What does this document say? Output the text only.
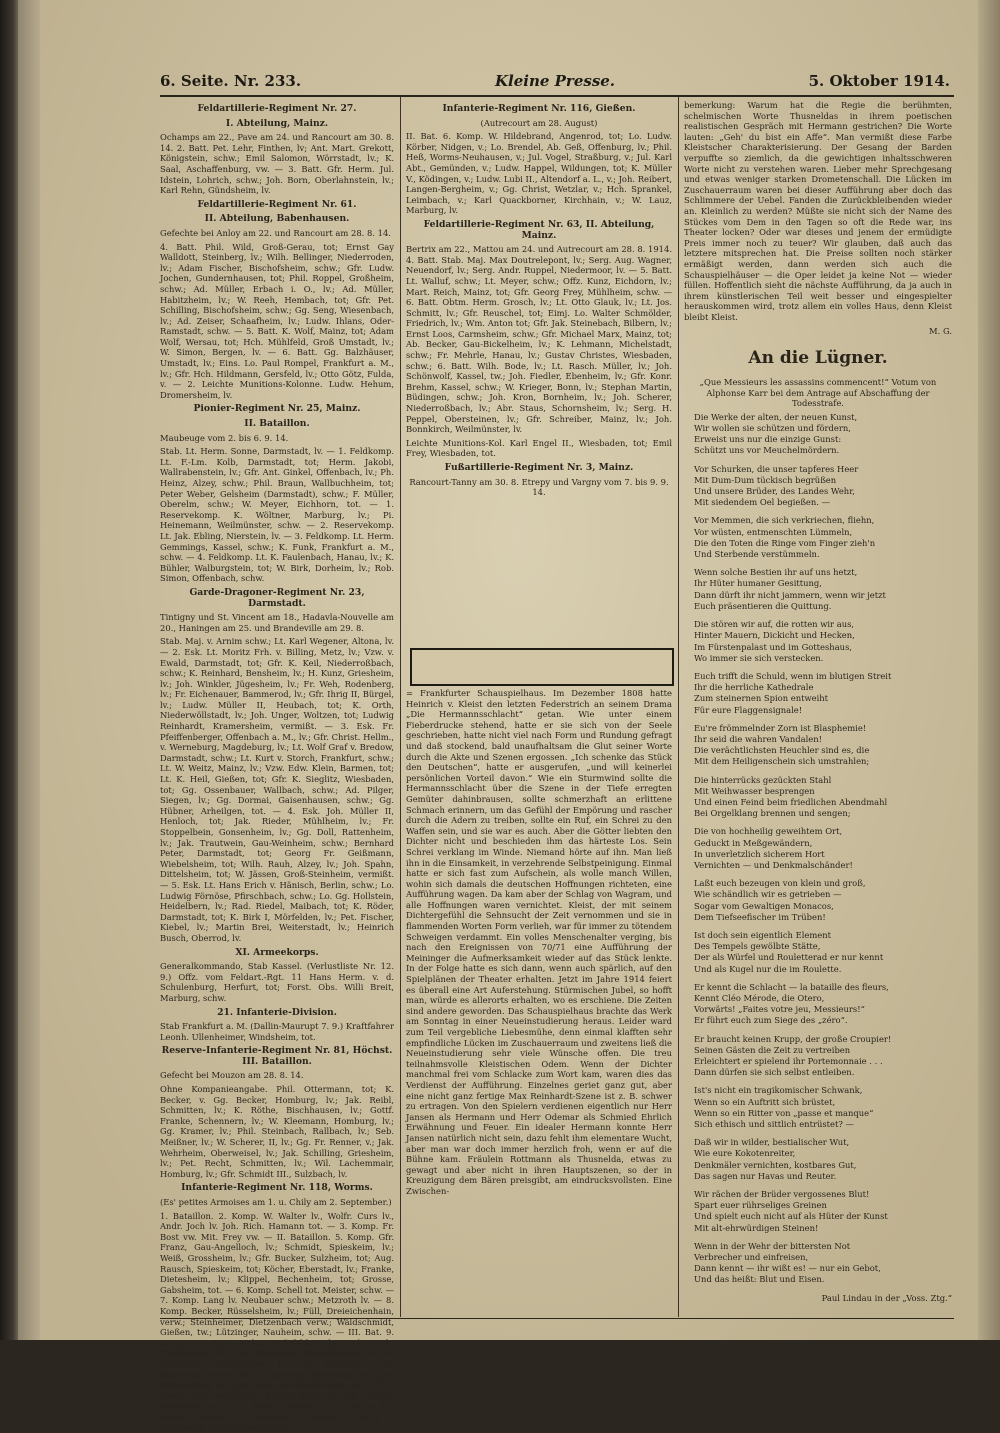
6. Seite. Nr. 233.	Kleine Presse.	5. Oktober 1914.
Feldartillerie-Regiment Nr. 27.
I. Abteilung, Mainz.

Ochamps am 22., Pave am 24. und Rancourt am 30. 8. 14. 2. Batt. Pet. Lehr, Finthen, lv; Ant. Mart. Grekott, Königstein, schw.; Emil Salomon, Wörrstadt, lv.; K. Saal, Aschaffenburg, vw. — 3. Batt. Gfr. Herm. Jul. Idstein, Lohrich, schw.; Joh. Born, Oberlahnstein, lv.; Karl Rehn, Gündsheim, lv.

Feldartillerie-Regiment Nr. 61.
II. Abteilung, Babenhausen.

Gefechte bei Anloy am 22. und Rancourt am 28. 8. 14.

4. Batt. Phil. Wild, Groß-Gerau, tot; Ernst Gay Walldott, Steinberg, lv.; Wilh. Bellinger, Niederroden, lv.; Adam Fischer, Bischofsheim, schw.; Gfr. Ludw. Jochen, Gundernhausen, tot; Phil. Roppel, Großheim, schw.; Ad. Müller, Erbach i. O., lv.; Ad. Müller, Habitzheim, lv.; W. Reeh, Hembach, tot; Gfr. Pet. Schilling, Bischofsheim, schw.; Gg. Seng, Wiesenbach, lv.; Ad. Zeiser, Schaafheim, lv.; Ludw. Ihlans, Oder-Ramstadt, schw. — 5. Batt. K. Wolf, Mainz, tot; Adam Wolf, Wersau, tot; Hch. Mühlfeld, Groß Umstadt, lv.; W. Simon, Bergen, lv. — 6. Batt. Gg. Balzhäuser, Umstadt, lv.; Eins. Lo. Paul Rompel, Frankfurt a. M., lv.; Gfr. Hch. Hildmann, Gersfeld, lv.; Otto Götz, Fulda, v. — 2. Leichte Munitions-Kolonne. Ludw. Hehum, Dromersheim, lv.

Pionier-Regiment Nr. 25, Mainz.
II. Bataillon.

Maubeuge vom 2. bis 6. 9. 14.

Stab. Lt. Herm. Sonne, Darmstadt, lv. — 1. Feldkomp. Lt. F.-Lm. Kolb, Darmstadt, tot; Herm. Jakobi, Wallrabenstein, lv.; Gfr. Ant. Ginkel, Offenbach, lv.; Ph. Heinz, Alzey, schw.; Phil. Braun, Wallbuchheim, tot; Peter Weber, Gelsheim (Darmstadt), schw.; F. Müller, Oberelm, schw.; W. Meyer, Eichhorn, tot. — 1. Reservekomp. K. Wöltner, Marburg, lv.; Pi. Heinemann, Weilmünster, schw. — 2. Reservekomp. Lt. Jak. Ebling, Nierstein, lv. — 3. Feldkomp. Lt. Herm. Gemmings, Kassel, schw.; K. Funk, Frankfurt a. M., schw. — 4. Feldkomp. Lt. K. Faulenbach, Hanau, lv.; K. Bühler, Walburgstein, tot; W. Birk, Dorheim, lv.; Rob. Simon, Offenbach, schw.

Garde-Dragoner-Regiment Nr. 23, Darmstadt.

Tintigny und St. Vincent am 18., Hadavla-Nouvelle am 20., Haningen am 25. und Brandeville am 29. 8.

Stab. Maj. v. Arnim schw.; Lt. Karl Wegener, Altona, lv. — 2. Esk. Lt. Moritz Frh. v. Billing, Metz, lv.; Vzw. v. Ewald, Darmstadt, tot; Gfr. K. Keil, Niederroßbach, schw.; K. Reinhard, Bensheim, lv.; H. Kunz, Griesheim, lv.; Joh. Winkler, Jügesheim, lv.; Fr. Weh, Rodenberg, lv.; Fr. Eichenauer, Bammerod, lv.; Gfr. Ihrig II, Bürgel, lv.; Ludw. Müller II, Heubach, tot; K. Orth, Niederwöllstadt, lv.; Joh. Unger, Woltzen, tot; Ludwig Reinhardt, Kramersheim, vermißt. — 3. Esk. Fr. Pfeiffenberger, Offenbach a. M., lv.; Gfr. Christ. Hellm., v. Werneburg, Magdeburg, lv.; Lt. Wolf Graf v. Bredow, Darmstadt, schw.; Lt. Kurt v. Storch, Frankfurt, schw.; Lt. W. Weitz, Mainz, lv.; Vzw. Edw. Klein, Barmen, tot; Lt. K. Heil, Gießen, tot; Gfr. K. Sieglitz, Wiesbaden, tot; Gg. Ossenbauer, Wallbach, schw.; Ad. Pilger, Siegen, lv.; Gg. Dormai, Gaisenhausen, schw.; Gg. Hübner, Arheilgen, tot. — 4. Esk. Joh. Müller II, Henloch, tot; Jak. Rieder, Mühlheim, lv.; Fr. Stoppelbein, Gonsenheim, lv.; Gg. Doll, Rattenheim, lv.; Jak. Trautwein, Gau-Weinheim, schw.; Bernhard Peter, Darmstadt, tot; Georg Fr. Geißmann, Wiebelsheim, tot; Wilh. Rauh, Alzey, lv.; Joh. Spahn, Dittelsheim, tot; W. Jässen, Groß-Steinheim, vermißt. — 5. Esk. Lt. Hans Erich v. Hänisch, Berlin, schw.; Lo. Ludwig Förnöse, Pfirschbach, schw.; Lo. Gg. Hollstein, Heidelbern, lv.; Rad. Riedel, Maibach, tot; K. Röder, Darmstadt, tot; K. Birk I, Mörfelden, lv.; Pet. Fischer, Kiebel, lv.; Martin Brei, Weiterstadt, lv.; Heinrich Busch, Oberrod, lv.

XI. Armeekorps.

Generalkommando, Stab Kassel. (Verlustliste Nr. 12. 9.) Offz. vom Feldart.-Rgt. 11 Hans Herm. v. d. Schulenburg, Herfurt, tot; Forst. Obs. Willi Breit, Marburg, schw.

21. Infanterie-Division.

Stab Frankfurt a. M. (Dallin-Maurupt 7. 9.) Kraftfahrer Leonh. Ullenheimer, Windsheim, tot.

Reserve-Infanterie-Regiment Nr. 81, Höchst. III. Bataillon.

Gefecht bei Mouzon am 28. 8. 14.

Ohne Kompanieangabe. Phil. Ottermann, tot; K. Becker, v. Gg. Becker, Homburg, lv.; Jak. Reibl, Schmitten, lv.; K. Röthe, Bischhausen, lv.; Gottf. Franke, Schennern, lv.; W. Kleemann, Homburg, lv.; Gg. Kramer, lv.; Phil. Steinbach, Rallbach, lv.; Seb. Meißner, lv.; W. Scherer, II, lv.; Gg. Fr. Renner, v.; Jak. Wehrheim, Oberweisel, lv.; Jak. Schilling, Griesheim, lv.; Pet. Recht, Schmitten, lv.; Wil. Lachemmair, Homburg, lv.; Gfr. Schmidt III., Sulzbach, lv.

Infanterie-Regiment Nr. 118, Worms.

(Es' petites Armoises am 1. u. Chily am 2. September.)

1. Bataillon. 2. Komp. W. Walter lv., Wolfr. Curs lv., Andr. Joch lv. Joh. Rich. Hamann tot. — 3. Komp. Fr. Bost vw. Mit. Frey vw. — II. Bataillon. 5. Komp. Gfr. Franz, Gau-Angelloch, lv.; Schmidt, Spieskeim, lv.; Weiß, Grossheim, lv.; Gfr. Bucker, Sulzheim, tot; Aug. Rausch, Spieskeim, tot; Köcher, Eberstadt, lv.; Franke, Dietesheim, lv.; Klippel, Bechenheim, tot; Grosse, Gabsheim, tot. — 6. Komp. Schell tot. Meister, schw. — 7. Komp. Lang lv. Neubauer schw.; Metzroth lv. — 8. Komp. Becker, Rüsselsheim, lv.; Füll, Dreieichenhain, verw.; Steinheimer, Dietzenbach verw.; Wäldschmidt, Gießen, tw.; Lützinger, Nauheim, schw. — III. Bat. 9. Komp. Lo. Gg. Becker, Mörfelden, lv.; Vol. Rech, Heidenheim, lv.; Phil. Stellinger, Sprendlingen, lv.; Fr. Ryhdecker, Horchheim, lv.; Gg. Baumann, Gr.-Rohrheim, schw.; Mo. Schweitzer, Griesheim, lv.; Joh. Schümleber, tot; Joh. Bote, Groß-Rohrheim, tot. — 10. Komp. Cott, Würzel, lv.; Müller, Biblis, lv.; Gfr. Nomel, Nierstein, lv. — 11. Komp. Stumpf, v. u. vm. — 12. Komp. Carlson v. Hammes v. Hentel, v. Stub v. Hoppering tot; Hellbernoll tot.

Infanterie-Regiment Nr. 116, Gießen.
(Autrecourt am 28. August)

II. Bat. 6. Komp. W. Hildebrand, Angenrod, tot; Lo. Ludw. Körber, Nidgen, v.; Lo. Brendel, Ab. Geß, Offenburg, lv.; Phil. Heß, Worms-Neuhausen, v.; Jul. Vogel, Straßburg, v.; Jul. Karl Abt., Gemünden, v.; Ludw. Happel, Wildungen, tot; K. Müller V., Ködingen, v.; Ludw. Lubi II., Altendorf a. L., v.; Joh. Reibert, Langen-Bergheim, v.; Gg. Christ, Wetzlar, v.; Hch. Sprankel, Leimbach, v.; Karl Quackborner, Kirchhain, v.; W. Lauz, Marburg, lv.

Feldartillerie-Regiment Nr. 63, II. Abteilung, Mainz.

Bertrix am 22., Mattou am 24. und Autrecourt am 28. 8. 1914. 4. Batt. Stab. Maj. Max Doutrelepont, lv.; Serg. Aug. Wagner, Neuendorf, lv.; Serg. Andr. Ruppel, Niedermoor, lv. — 5. Batt. Lt. Walluf, schw.; Lt. Meyer, schw.; Offz. Kunz, Eichdorn, lv.; Mart. Reich, Mainz, tot; Gfr. Georg Frey, Mühlheim, schw. — 6. Batt. Obtm. Herm. Grosch, lv.; Lt. Otto Glauk, lv.; Lt. Jos. Schmitt, lv.; Gfr. Reuschel, tot; Eimj. Lo. Walter Schmölder, Friedrich, lv.; Wm. Anton tot; Gfr. Jak. Steinebach, Bilbern, lv.; Ernst Loos, Carmsheim, schw.; Gfr. Michael Marx, Mainz, tot; Ab. Becker, Gau-Bickelheim, lv.; K. Lehmann, Michelstadt, schw.; Fr. Mehrle, Hanau, lv.; Gustav Christes, Wiesbaden, schw.; 6. Batt. Wilh. Bode, lv.; Lt. Rasch. Müller, lv.; Joh. Schönwolf, Kassel, tw.; Joh. Fiedler, Ebenheim, lv.; Gfr. Konr. Brehm, Kassel, schw.; W. Krieger, Bonn, lv.; Stephan Martin, Büdingen, schw.; Joh. Kron, Bornheim, lv.; Joh. Scherer, Niederroßbach, lv.; Abr. Staus, Schornsheim, lv.; Serg. H. Peppel, Obersteinen, lv.; Gfr. Schreiber, Mainz, lv.; Joh. Bonnkirch, Weilmünster, lv.

Leichte Munitions-Kol. Karl Engel II., Wiesbaden, tot; Emil Frey, Wiesbaden, tot.

Fußartillerie-Regiment Nr. 3, Mainz.
Rancourt-Tanny am 30. 8. Etrepy und Vargny vom 7. bis 9. 9. 14.

= Frankfurter Schauspielhaus. Im Dezember 1808 hatte Heinrich v. Kleist den letzten Federstrich an seinem Drama „Die Hermannsschlacht“ getan. Wie unter einem Fieberdrucke stehend, hatte er sie sich von der Seele geschrieben, hatte nicht viel nach Form und Rundung gefragt und daß stockend, bald unaufhaltsam die Glut seiner Worte durch die Akte und Szenen ergossen. „Ich schenke das Stück den Deutschen“, hatte er ausgerufen, „und will keinerlei persönlichen Vorteil davon.“ Wie ein Sturmwind sollte die Hermannsschlacht über die Szene in der Tiefe erregten Gemüter dahinbrausen, sollte schmerzhaft an erlittene Schmach erinnern, um das Gefühl der Empörung und rascher durch die Adern zu treiben, sollte ein Ruf, ein Schrei zu den Waffen sein, und sie war es auch. Aber die Götter liebten den Dichter nicht und beschieden ihm das härteste Los. Sein Schrei verklang im Winde. Niemand hörte auf ihn. Man ließ ihn in die Einsamkeit, in verzehrende Selbstpeinigung. Einmal hatte er sich fast zum Aufschein, als wolle manch Willen, wohin sich damals die deutschen Hoffnungen richteten, eine Aufführung wagen. Da kam aber der Schlag von Wagram, und alle Hoffnungen waren vernichtet. Kleist, der mit seinem Dichtergefühl die Sehnsucht der Zeit vernommen und sie in flammenden Worten Form verlieh, war für immer zu tötendem Schweigen verdammt. Ein volles Menschenalter verging, bis nach den Ereignissen von 70/71 eine Aufführung der Meininger die Aufmerksamkeit wieder auf das Stück lenkte. In der Folge hatte es sich dann, wenn auch spärlich, auf den Spielplänen der Theater erhalten. Jetzt im Jahre 1914 feiert es überall eine Art Auferstehung. Stürmischen Jubel, so hofft man, würde es allerorts erhalten, wo es erschiene. Die Zeiten sind andere geworden. Das Schauspielhaus brachte das Werk am Sonntag in einer Neueinstudierung heraus. Leider ward zum Teil vergebliche Liebesmühe, denn einmal klafften sehr empfindliche Lücken im Zuschauerraum und zweitens ließ die Neueinstudierung sehr viele Wünsche offen. Die treu teilnahmsvolle Kleistischen Odem. Wenn der Dichter manchmal frei vom Schlacke zum Wort kam, waren dies das Verdienst der Aufführung. Einzelnes geriet ganz gut, aber eine nicht ganz fertige Max Reinhardt-Szene ist z. B. schwer zu ertragen. Von den Spielern verdienen eigentlich nur Herr Jansen als Hermann und Herr Odemar als Schmied Ehrlich Erwähnung und Feuer. Ein idealer Hermann konnte Herr Jansen natürlich nicht sein, dazu fehlt ihm elementare Wucht, aber man war doch immer herzlich froh, wenn er auf die Bühne kam. Fräulein Rottmann als Thusnelda, etwas zu gewagt und aber nicht in ihren Hauptszenen, so der in Kreuzigung dem Bären preisgibt, am eindrucksvollsten. Eine Zwischen-

bemerkung: Warum hat die Regie die berühmten, schelmischen Worte Thusneldas in ihrem poetischen realistischen Gespräch mit Hermann gestrichen? Die Worte lauten: „Geh' du bist ein Affe“. Man vermißt diese Farbe Kleistscher Charakterisierung. Der Gesang der Barden verpuffte so ziemlich, da die gewichtigen inhaltsschweren Worte nicht zu verstehen waren. Lieber mehr Sprechgesang und etwas weniger starken Drometenschall. Die Lücken im Zuschauerraum waren bei dieser Aufführung aber doch das Schlimmere der Uebel. Fanden die Zurückbleibenden wieder an. Kleinlich zu werden? Müßte sie nicht sich der Name des Stückes vom Dem in den Tagen so oft die Rede war, ins Theater locken? Oder war dieses und jenem der ermüdigte Preis immer noch zu teuer? Wir glauben, daß auch das letztere mitsprechen hat. Die Preise sollten noch stärker ermäßigt werden, dann werden sich auch die Schauspielhäuser — die Oper leidet ja keine Not — wieder füllen. Hoffentlich sieht die nächste Aufführung, da ja auch in ihrem künstlerischen Teil weit besser und eingespielter herauskommen wird, trotz allem ein volles Haus, denn Kleist bleibt Kleist.

M. G.
An die Lügner.
„Que Messieurs les assassins commencent!“ Votum von Alphonse Karr bei dem Antrage auf Abschaffung der Todesstrafe.
Die Werke der alten, der neuen Kunst,
Wir wollen sie schützen und fördern,
Erweist uns nur die einzige Gunst:
Schützt uns vor Meuchelmördern.
Vor Schurken, die unser tapferes Heer
Mit Dum-Dum tückisch begrüßen
Und unsere Brüder, des Landes Wehr,
Mit siedendem Oel begießen. —
Vor Memmen, die sich verkriechen, fliehn,
Vor wüsten, entmenschten Lümmeln,
Die den Toten die Ringe vom Finger zieh'n
Und Sterbende verstümmeln.
Wenn solche Bestien ihr auf uns hetzt,
Ihr Hüter humaner Gesittung,
Dann dürft ihr nicht jammern, wenn wir jetzt
Euch präsentieren die Quittung.
Die stören wir auf, die rotten wir aus,
Hinter Mauern, Dickicht und Hecken,
Im Fürstenpalast und im Gotteshaus,
Wo immer sie sich verstecken.
Euch trifft die Schuld, wenn im blutigen Streit
Ihr die herrliche Kathedrale
Zum steinernen Spion entweiht
Für eure Flaggensignale!
Eu're frömmelnder Zorn ist Blasphemie!
Ihr seid die wahren Vandalen!
Die verächtlichsten Heuchler sind es, die
Mit dem Heiligenschein sich umstrahlen;
Die hinterrücks gezückten Stahl
Mit Weihwasser besprengen
Und einen Feind beim friedlichen Abendmahl
Bei Orgelklang brennen und sengen;
Die von hochheilig geweihtem Ort,
Geduckt in Meßgewändern,
In unverletzlich sicherem Hort
Vernichten — und Denkmalschänder!
Laßt euch bezeugen von klein und groß,
Wie schändlich wir es getrieben —
Sogar vom Gewaltigen Monacos,
Dem Tiefseefischer im Trüben!
Ist doch sein eigentlich Element
Des Tempels gewölbte Stätte,
Der als Würfel und Rouletterad er nur kennt
Und als Kugel nur die im Roulette.
Er kennt die Schlacht — la bataille des fleurs,
Kennt Cléo Mérode, die Otero,
Vorwärts! „Faites votre jeu, Messieurs!“
Er führt euch zum Siege des „zéro“.
Er braucht keinen Krupp, der große Croupier!
Seinen Gästen die Zeit zu vertreiben
Erleichtert er spielend ihr Portemonnaie . . .
Dann dürfen sie sich selbst entleiben.
Ist's nicht ein tragikomischer Schwank,
Wenn so ein Auftritt sich brüstet,
Wenn so ein Ritter von „passe et manque“
Sich ethisch und sittlich entrüstet? —
Daß wir in wilder, bestialischer Wut,
Wie eure Kokotenreiter,
Denkmäler vernichten, kostbares Gut,
Das sagen nur Havas und Reuter.
Wir rächen der Brüder vergossenes Blut!
Spart euer rührseliges Greinen
Und spielt euch nicht auf als Hüter der Kunst
Mit alt-ehrwürdigen Steinen!
Wenn in der Wehr der bittersten Not
Verbrecher und einfreisen,
Dann kennt — ihr wißt es! — nur ein Gebot,
Und das heißt: Blut und Eisen.
Paul Lindau in der „Voss. Ztg.“
